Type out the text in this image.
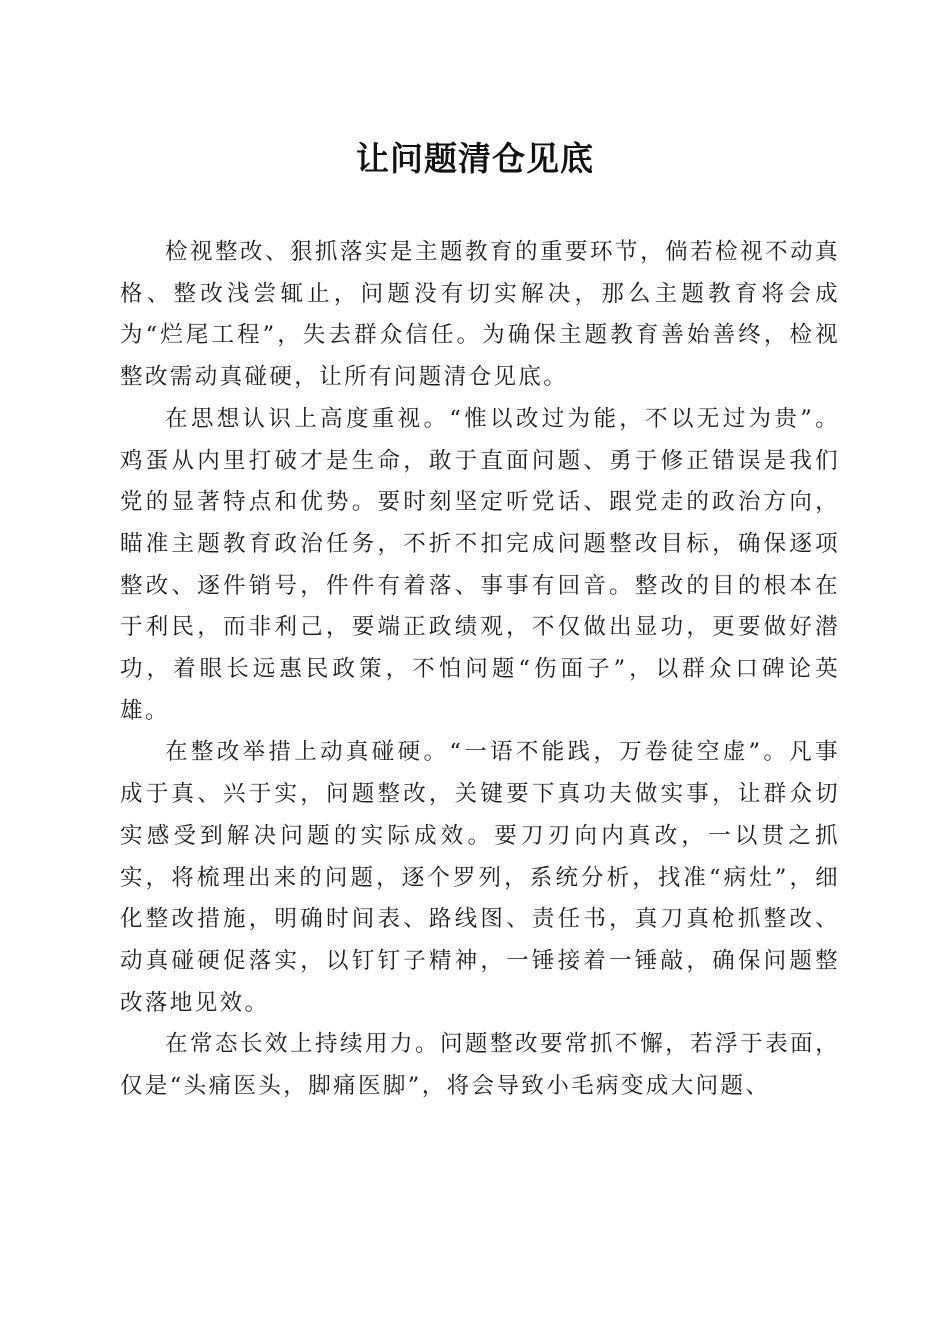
让问题清仓见底

检视整改、狠抓落实是主题教育的重要环节，倘若检视不动真格、整改浅尝辄止，问题没有切实解决，那么主题教育将会成为“烂尾工程”，失去群众信任。为确保主题教育善始善终，检视整改需动真碰硬，让所有问题清仓见底。

在思想认识上高度重视。“惟以改过为能，不以无过为贵”。鸡蛋从内里打破才是生命，敢于直面问题、勇于修正错误是我们党的显著特点和优势。要时刻坚定听党话、跟党走的政治方向，瞄准主题教育政治任务，不折不扣完成问题整改目标，确保逐项整改、逐件销号，件件有着落、事事有回音。整改的目的根本在于利民，而非利己，要端正政绩观，不仅做出显功，更要做好潜功，着眼长远惠民政策，不怕问题“伤面子”，以群众口碑论英雄。

在整改举措上动真碰硬。“一语不能践，万卷徒空虚”。凡事成于真、兴于实，问题整改，关键要下真功夫做实事，让群众切实感受到解决问题的实际成效。要刀刃向内真改，一以贯之抓实，将梳理出来的问题，逐个罗列，系统分析，找准“病灶”，细化整改措施，明确时间表、路线图、责任书，真刀真枪抓整改、动真碰硬促落实，以钉钉子精神，一锤接着一锤敲，确保问题整改落地见效。

在常态长效上持续用力。问题整改要常抓不懈，若浮于表面，仅是“头痛医头，脚痛医脚”，将会导致小毛病变成大问题、
